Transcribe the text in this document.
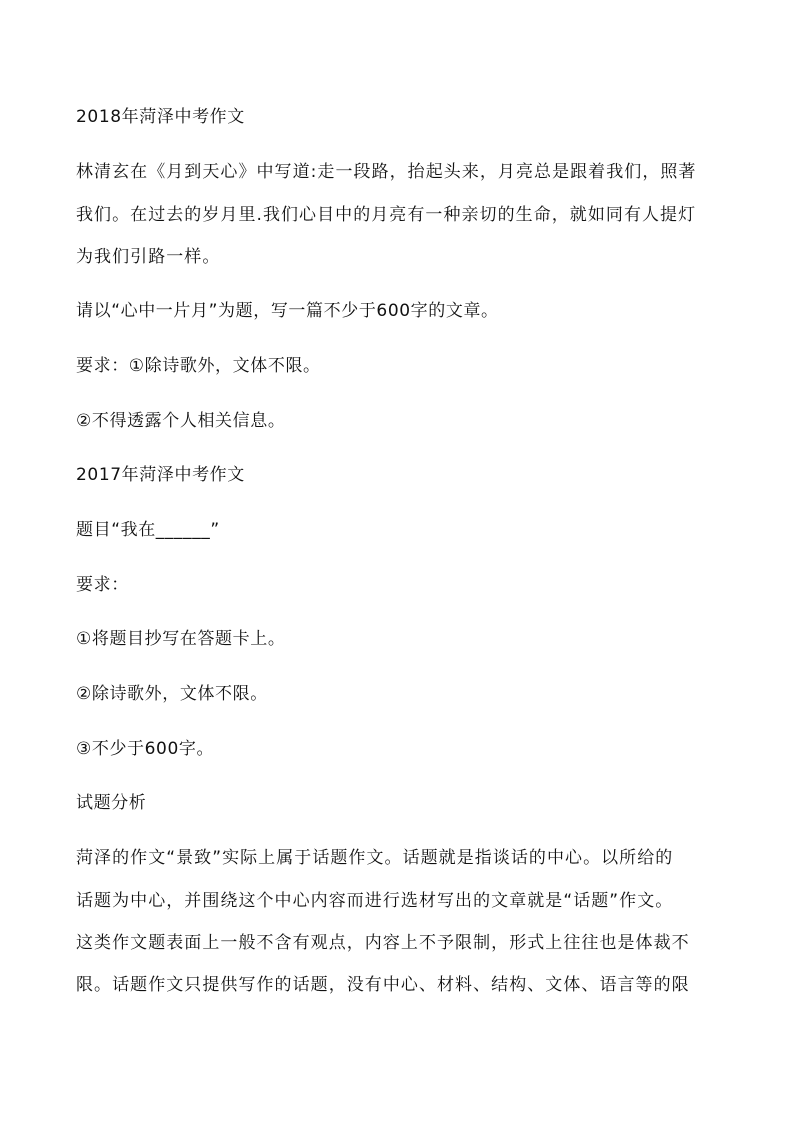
2018年菏泽中考作文
林清玄在《月到天心》中写道:走一段路，抬起头来，月亮总是跟着我们，照著
我们。在过去的岁月里.我们心目中的月亮有一种亲切的生命，就如同有人提灯
为我们引路一样。
请以“心中一片月”为题，写一篇不少于600字的文章。
要求：①除诗歌外，文体不限。
②不得透露个人相关信息。
2017年菏泽中考作文
题目“我在______”
要求：
①将题目抄写在答题卡上。
②除诗歌外，文体不限。
③不少于600字。
试题分析
菏泽的作文“景致”实际上属于话题作文。话题就是指谈话的中心。以所给的
话题为中心，并围绕这个中心内容而进行选材写出的文章就是“话题”作文。
这类作文题表面上一般不含有观点，内容上不予限制，形式上往往也是体裁不
限。话题作文只提供写作的话题，没有中心、材料、结构、文体、语言等的限
